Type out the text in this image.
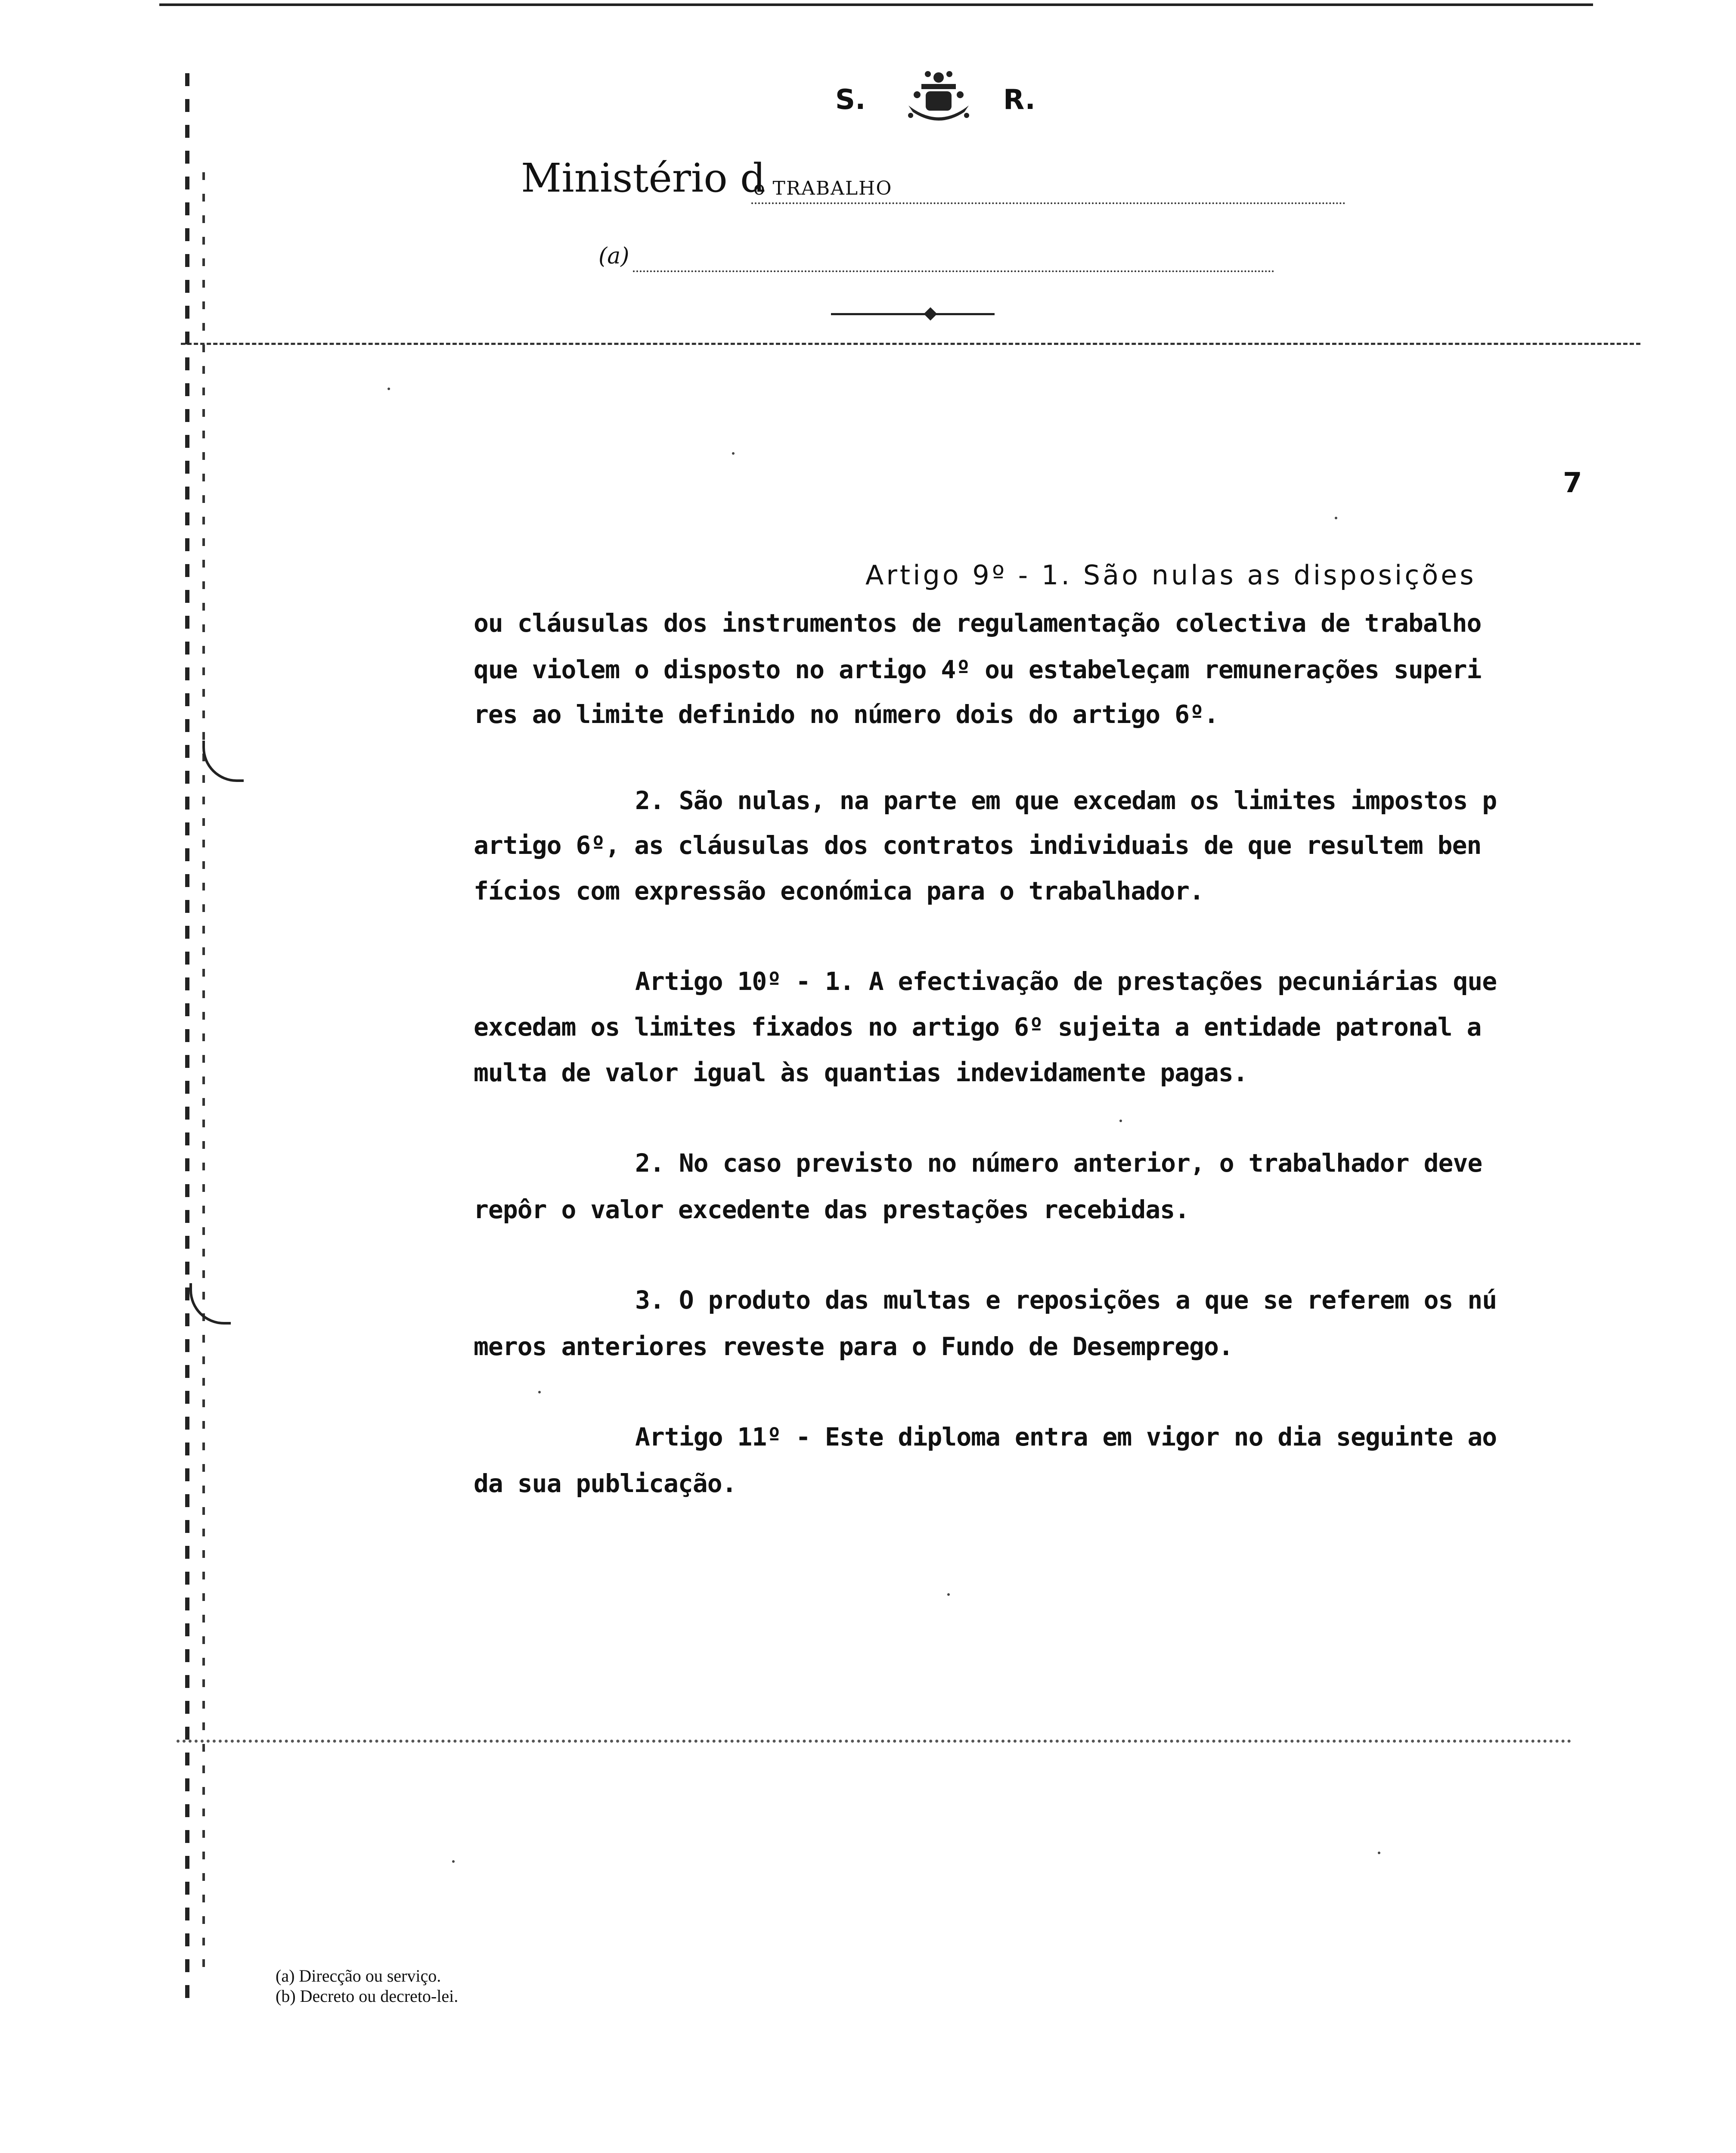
S.	R.
Ministério d
o TRABALHO
(a)
7
Artigo 9º - 1. São nulas as disposições
ou cláusulas dos instrumentos de regulamentação colectiva de trabalho
que violem o disposto no artigo 4º ou estabeleçam remunerações superi
res ao limite definido no número dois do artigo 6º.
2. São nulas, na parte em que excedam os limites impostos p
artigo 6º, as cláusulas dos contratos individuais de que resultem ben
fícios com expressão económica para o trabalhador.
Artigo 10º - 1. A efectivação de prestações pecuniárias que
excedam os limites fixados no artigo 6º sujeita a entidade patronal a
multa de valor igual às quantias indevidamente pagas.
2. No caso previsto no número anterior, o trabalhador deve
repôr o valor excedente das prestações recebidas.
3. O produto das multas e reposições a que se referem os nú
meros anteriores reveste para o Fundo de Desemprego.
Artigo 11º - Este diploma entra em vigor no dia seguinte ao
da sua publicação.
(a) Direcção ou serviço.
(b) Decreto ou decreto-lei.
